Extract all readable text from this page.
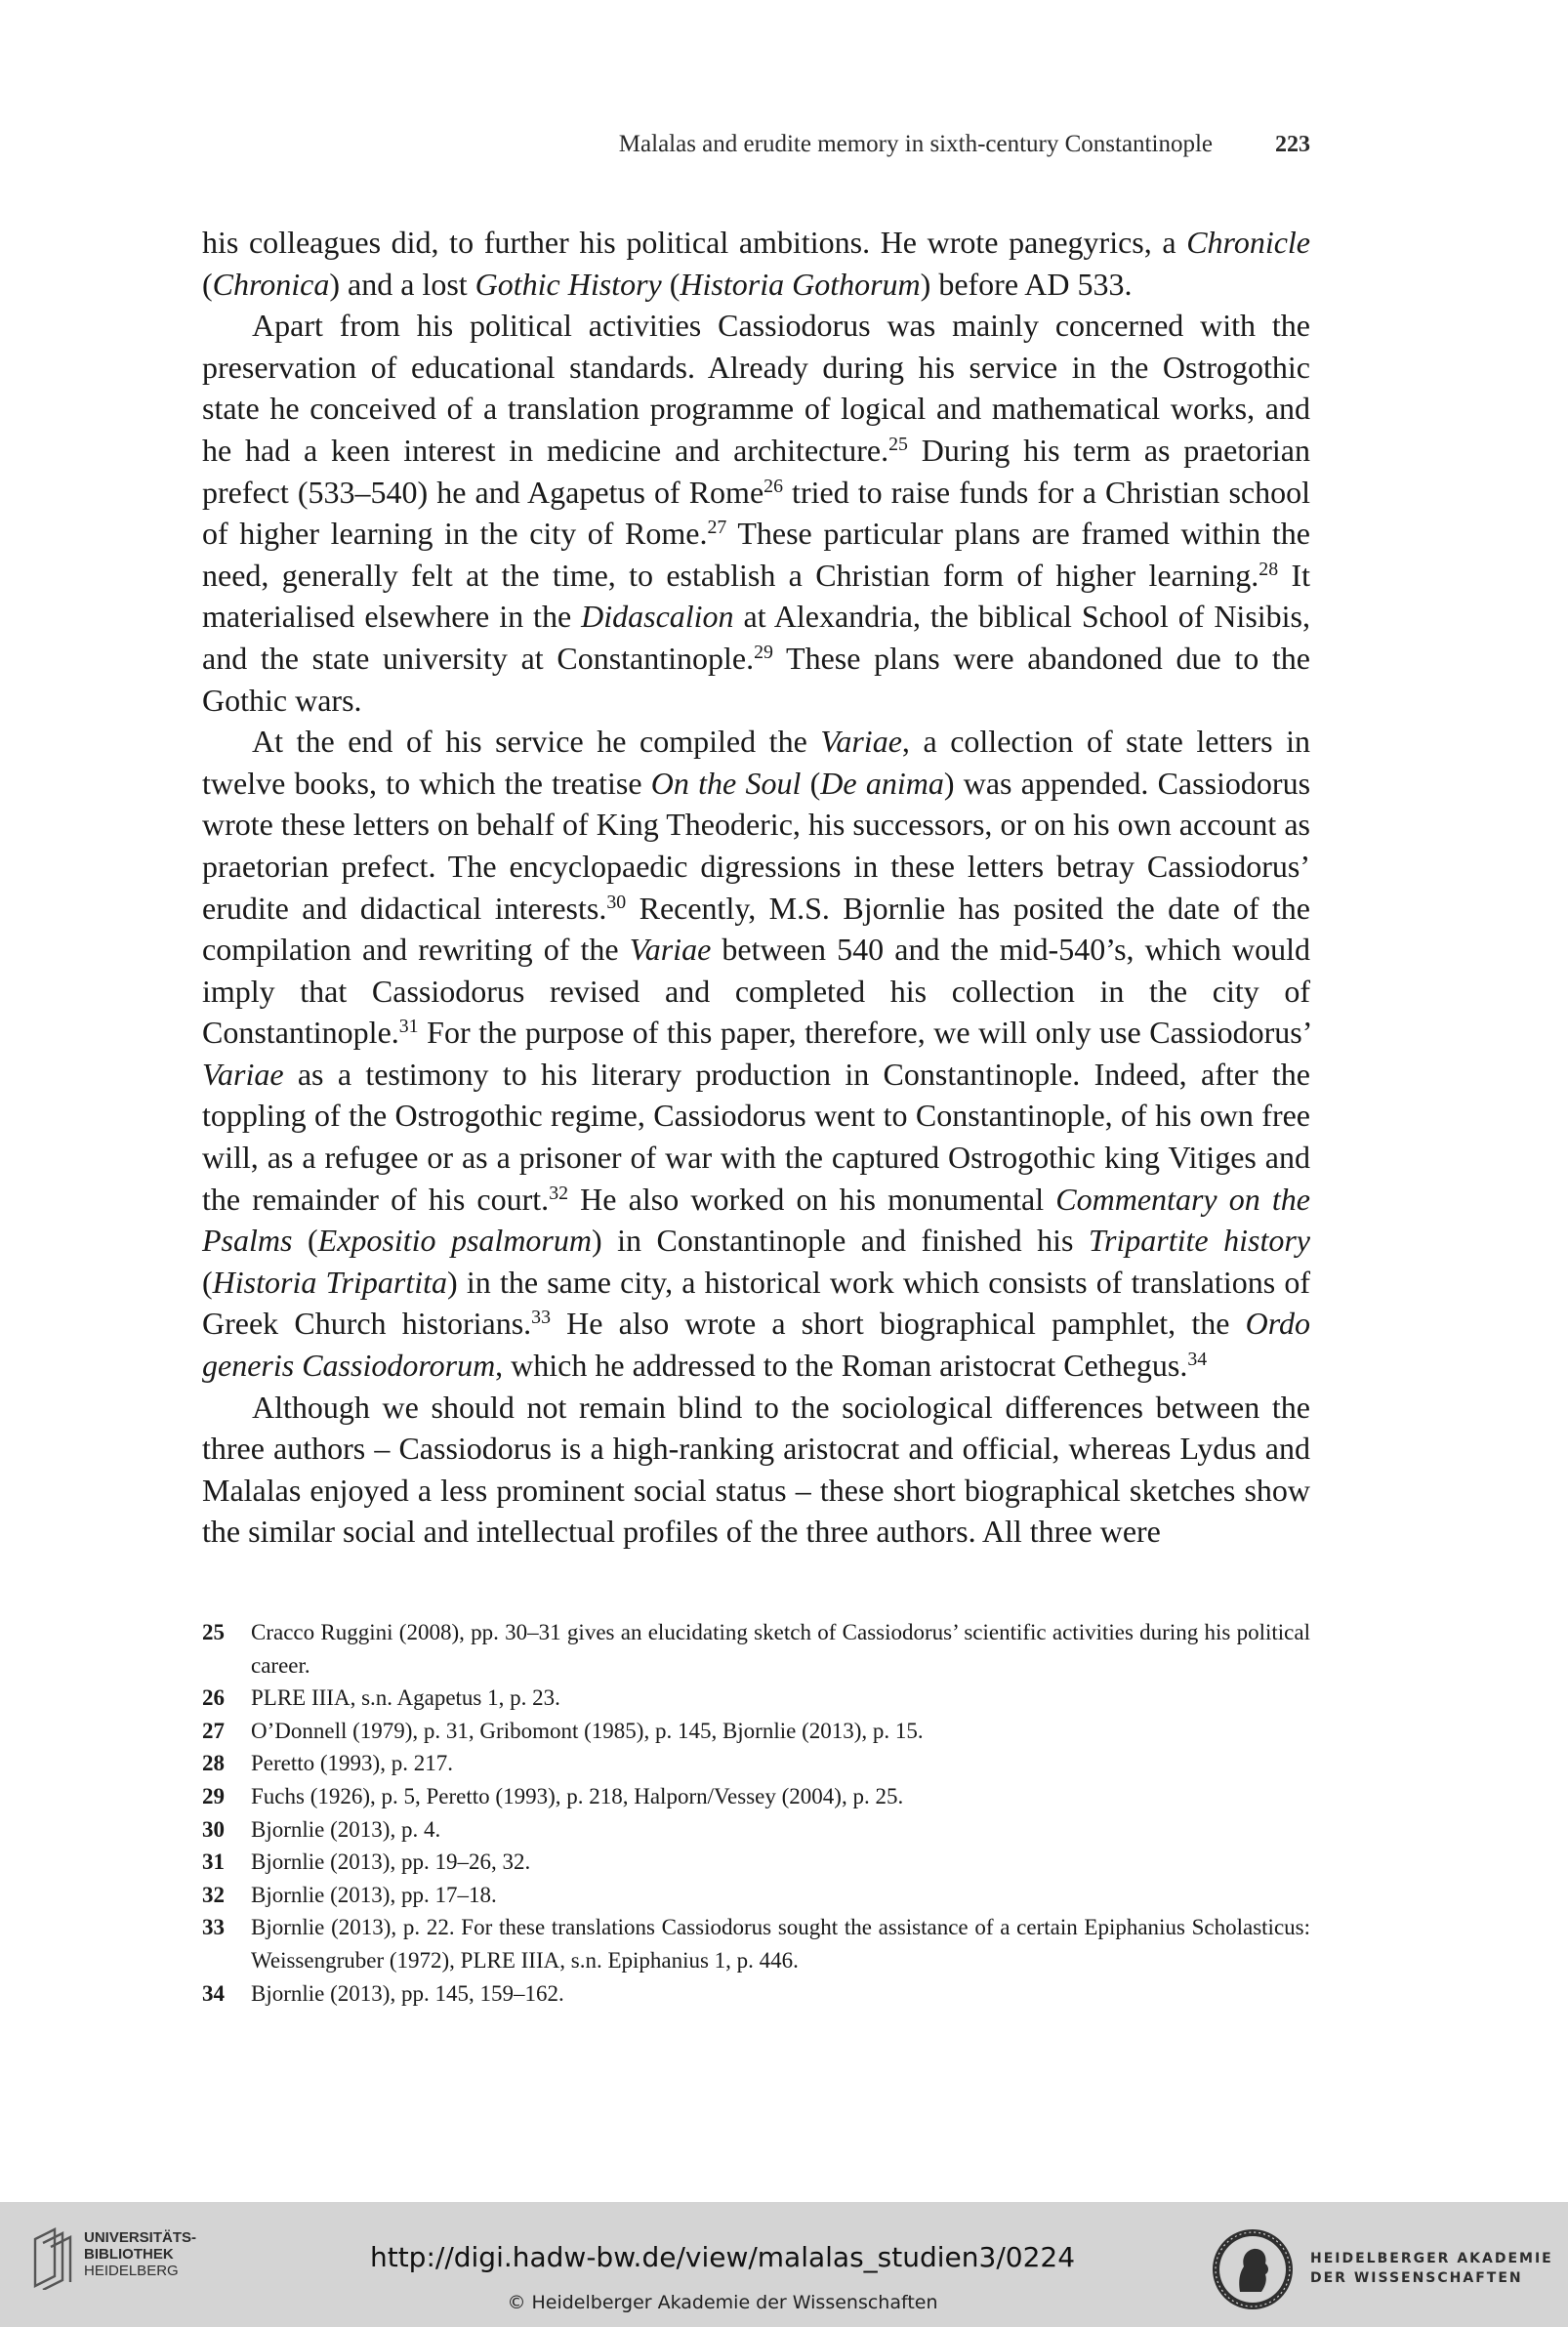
Malalas and erudite memory in sixth-century Constantinople	223

his colleagues did, to further his political ambitions. He wrote panegyrics, a Chronicle (Chronica) and a lost Gothic History (Historia Gothorum) before AD 533.

Apart from his political activities Cassiodorus was mainly concerned with the preservation of educational standards. Already during his service in the Ostrogothic state he conceived of a translation programme of logical and mathematical works, and he had a keen interest in medicine and architecture.$^{25}$ During his term as praetorian prefect (533–540) he and Agapetus of Rome$^{26}$ tried to raise funds for a Christian school of higher learning in the city of Rome.$^{27}$ These particular plans are framed within the need, generally felt at the time, to establish a Christian form of higher learning.$^{28}$ It materialised elsewhere in the Didascalion at Alexandria, the biblical School of Nisibis, and the state university at Constantinople.$^{29}$ These plans were abandoned due to the Gothic wars.

At the end of his service he compiled the Variae, a collection of state letters in twelve books, to which the treatise On the Soul (De anima) was appended. Cassiodorus wrote these letters on behalf of King Theoderic, his successors, or on his own account as praetorian prefect. The encyclopaedic digressions in these letters betray Cassiodorus’ erudite and didactical interests.$^{30}$ Recently, M.S. Bjornlie has posited the date of the compilation and rewriting of the Variae between 540 and the mid-540’s, which would imply that Cassiodorus revised and completed his collection in the city of Constantinople.$^{31}$ For the purpose of this paper, therefore, we will only use Cassiodorus’ Variae as a testimony to his literary production in Constantinople. Indeed, after the toppling of the Ostrogothic regime, Cassiodorus went to Constantinople, of his own free will, as a refugee or as a prisoner of war with the captured Ostrogothic king Vitiges and the remainder of his court.$^{32}$ He also worked on his monumental Commentary on the Psalms (Expositio psalmorum) in Constantinople and finished his Tripartite history (Historia Tripartita) in the same city, a historical work which consists of translations of Greek Church historians.$^{33}$ He also wrote a short biographical pamphlet, the Ordo generis Cassiodororum, which he addressed to the Roman aristocrat Cethegus.$^{34}$

Although we should not remain blind to the sociological differences between the three authors – Cassiodorus is a high-ranking aristocrat and official, whereas Lydus and Malalas enjoyed a less prominent social status – these short biographical sketches show the similar social and intellectual profiles of the three authors. All three were

25	Cracco Ruggini (2008), pp. 30–31 gives an elucidating sketch of Cassiodorus’ scientific activities during his political career.
26	PLRE IIIA, s.n. Agapetus 1, p. 23.
27	O’Donnell (1979), p. 31, Gribomont (1985), p. 145, Bjornlie (2013), p. 15.
28	Peretto (1993), p. 217.
29	Fuchs (1926), p. 5, Peretto (1993), p. 218, Halporn/Vessey (2004), p. 25.
30	Bjornlie (2013), p. 4.
31	Bjornlie (2013), pp. 19–26, 32.
32	Bjornlie (2013), pp. 17–18.
33	Bjornlie (2013), p. 22. For these translations Cassiodorus sought the assistance of a certain Epiphanius Scholasticus: Weissengruber (1972), PLRE IIIA, s.n. Epiphanius 1, p. 446.
34	Bjornlie (2013), pp. 145, 159–162.
UNIVERSITÄTS-
BIBLIOTHEK
HEIDELBERG	http://digi.hadw-bw.de/view/malalas_studien3/0224
© Heidelberger Akademie der Wissenschaften
HEIDELBERGER AKADEMIE
DER WISSENSCHAFTEN
